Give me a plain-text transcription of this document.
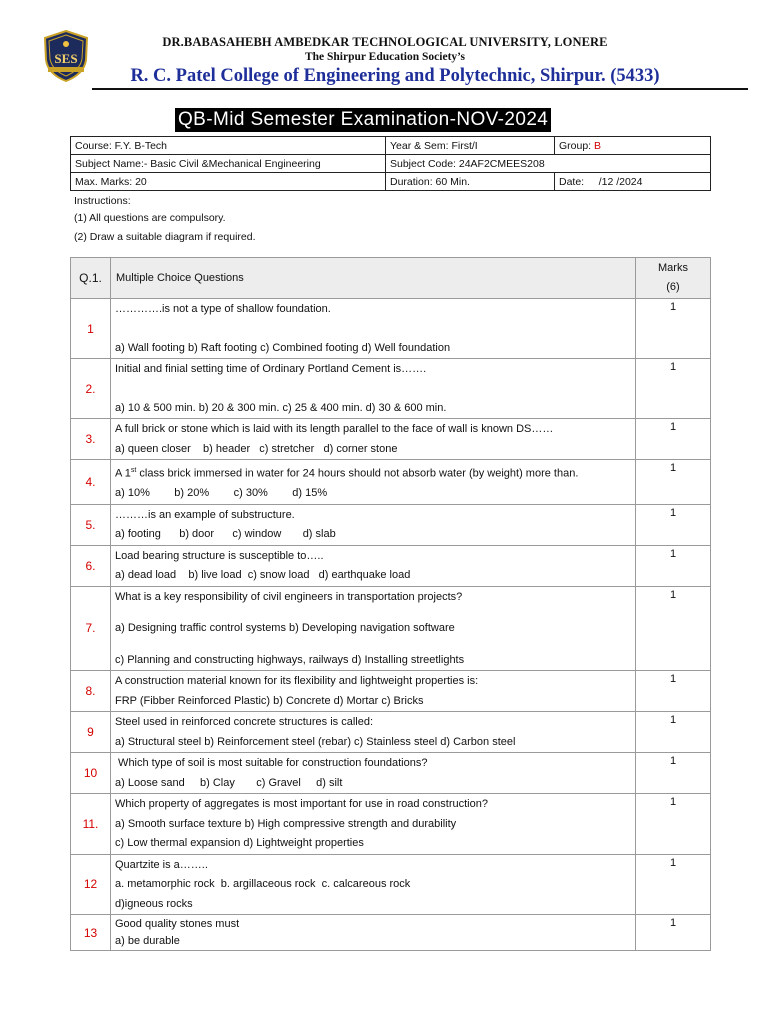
SES
DR.BABASAHEBH AMBEDKAR TECHNOLOGICAL UNIVERSITY, LONERE
The Shirpur Education Society’s
R. C. Patel College of Engineering and Polytechnic, Shirpur. (5433)
QB-Mid Semester Examination-NOV-2024
Course: F.Y. B-Tech	Year & Sem: First/I	Group: B
Subject Name:- Basic Civil &Mechanical Engineering	Subject Code: 24AF2CMEES208	
Max. Marks: 20	Duration: 60 Min.	Date:     /12 /2024
Instructions:
(1) All questions are compulsory.
(2) Draw a suitable diagram if required.
Q.1.	Multiple Choice Questions	Marks
(6)

1	………….is not a type of shallow foundation.
a) Wall footing b) Raft footing c) Combined footing d) Well foundation	1
2.	Initial and finial setting time of Ordinary Portland Cement is…….
a) 10 & 500 min. b) 20 & 300 min. c) 25 & 400 min. d) 30 & 600 min.	1
3.	A full brick or stone which is laid with its length parallel to the face of wall is known DS……
a) queen closer    b) header   c) stretcher   d) corner stone	1
4.	A 1st class brick immersed in water for 24 hours should not absorb water (by weight) more than.
a) 10%        b) 20%        c) 30%        d) 15%	1
5.	………is an example of substructure.
a) footing      b) door      c) window       d) slab	1
6.	Load bearing structure is susceptible to…..
a) dead load    b) live load  c) snow load   d) earthquake load	1
7.	What is a key responsibility of civil engineers in transportation projects?
a) Designing traffic control systems b) Developing navigation software
c) Planning and constructing highways, railways d) Installing streetlights	1
8.	A construction material known for its flexibility and lightweight properties is:
FRP (Fibber Reinforced Plastic) b) Concrete d) Mortar c) Bricks	1
9	Steel used in reinforced concrete structures is called:
a) Structural steel b) Reinforcement steel (rebar) c) Stainless steel d) Carbon steel	1
10	Which type of soil is most suitable for construction foundations?
a) Loose sand     b) Clay       c) Gravel     d) silt	1
11.	Which property of aggregates is most important for use in road construction?
a) Smooth surface texture b) High compressive strength and durability
c) Low thermal expansion d) Lightweight properties	1
12	Quartzite is a……..
a. metamorphic rock  b. argillaceous rock  c. calcareous rock
d)igneous rocks	1
13	Good quality stones must
a) be durable	1
